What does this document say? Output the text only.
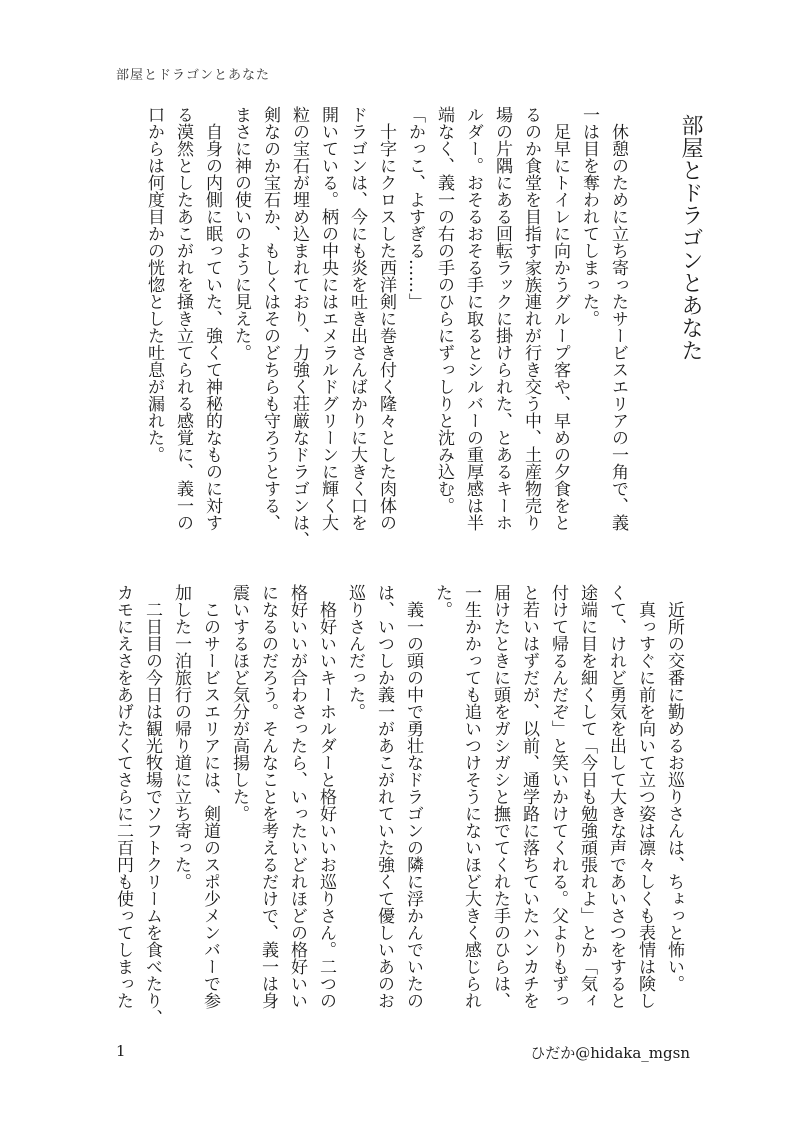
部屋とドラゴンとあなた
部屋とドラゴンとあなた
休憩のために立ち寄ったサービスエリアの一角で、義
一は目を奪われてしまった。
足早にトイレに向かうグループ客や、早めの夕食をと
るのか食堂を目指す家族連れが行き交う中、土産物売り
場の片隅にある回転ラックに掛けられた、とあるキーホ
ルダー。おそるおそる手に取るとシルバーの重厚感は半
端なく、義一の右の手のひらにずっしりと沈み込む。
「かっこ、よすぎる……」
十字にクロスした西洋剣に巻き付く隆々とした肉体の
ドラゴンは、今にも炎を吐き出さんばかりに大きく口を
開いている。柄の中央にはエメラルドグリーンに輝く大
粒の宝石が埋め込まれており、力強く荘厳なドラゴンは、
剣なのか宝石か、もしくはそのどちらも守ろうとする、
まさに神の使いのように見えた。
自身の内側に眠っていた、強くて神秘的なものに対す
る漠然としたあこがれを掻き立てられる感覚に、義一の
口からは何度目かの恍惚とした吐息が漏れた。
近所の交番に勤めるお巡りさんは、ちょっと怖い。
真っすぐに前を向いて立つ姿は凛々しくも表情は険し
くて、けれど勇気を出して大きな声であいさつをすると
途端に目を細くして「今日も勉強頑張れよ」とか「気ィ
付けて帰るんだぞ」と笑いかけてくれる。父よりもずっ
と若いはずだが、以前、通学路に落ちていたハンカチを
届けたときに頭をガシガシと撫でてくれた手のひらは、
一生かかっても追いつけそうにないほど大きく感じられ
た。
義一の頭の中で勇壮なドラゴンの隣に浮かんでいたの
は、いつしか義一があこがれていた強くて優しいあのお
巡りさんだった。
格好いいキーホルダーと格好いいお巡りさん。二つの
格好いいが合わさったら、いったいどれほどの格好いい
になるのだろう。そんなことを考えるだけで、義一は身
震いするほど気分が高揚した。
このサービスエリアには、剣道のスポ少メンバーで参
加した一泊旅行の帰り道に立ち寄った。
二日目の今日は観光牧場でソフトクリームを食べたり、
カモにえさをあげたくてさらに二百円も使ってしまった
1	ひだか@hidaka_mgsn
